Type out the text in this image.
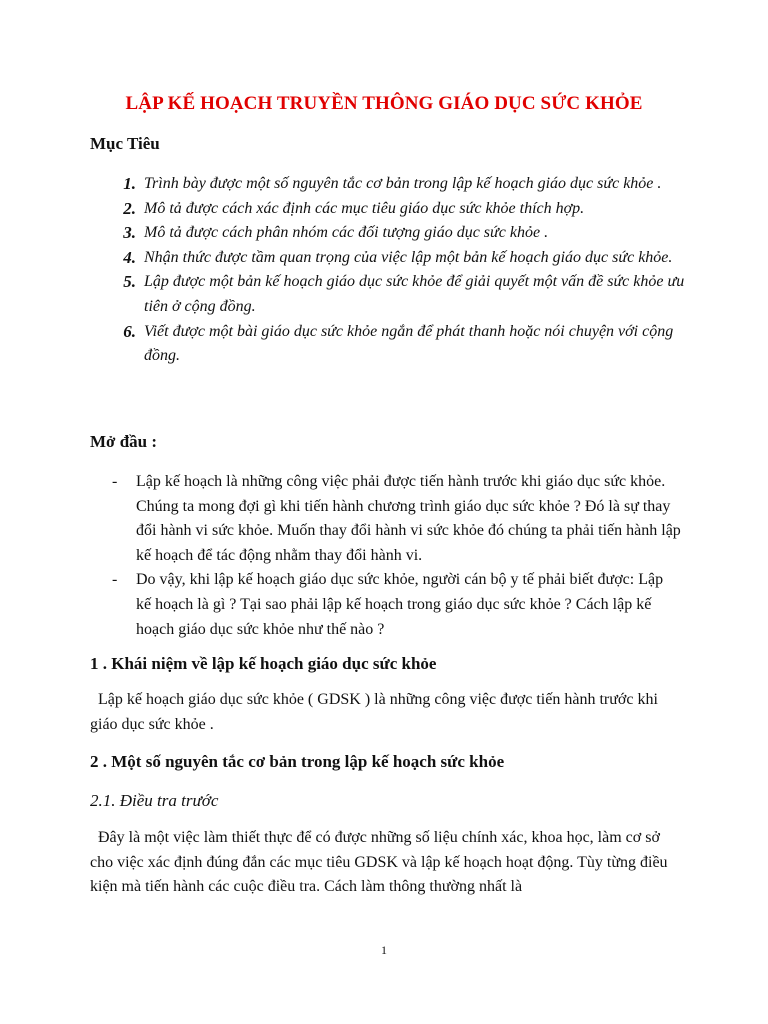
LẬP KẾ HOẠCH TRUYỀN THÔNG GIÁO DỤC SỨC KHỎE
Mục Tiêu
1. Trình bày được một số nguyên tắc cơ bản trong lập kế hoạch giáo dục sức khỏe .
2. Mô tả được cách xác định các mục tiêu giáo dục sức khỏe thích hợp.
3. Mô tả được cách phân nhóm các đối tượng giáo dục sức khỏe .
4. Nhận thức được tầm quan trọng của việc lập một bản kế hoạch giáo dục sức khỏe.
5. Lập được một bản kế hoạch giáo dục sức khỏe để giải quyết một vấn đề sức khỏe ưu tiên ở cộng đồng.
6. Viết được một bài giáo dục sức khỏe ngắn để phát thanh hoặc nói chuyện với cộng đồng.
Mở đầu :
-	Lập kế hoạch là những công việc phải được tiến hành trước khi giáo dục sức khỏe. Chúng ta mong đợi gì khi tiến hành chương trình giáo dục sức khỏe ? Đó là sự thay đổi hành vi sức khỏe. Muốn thay đổi hành vi sức khỏe đó chúng ta phải tiến hành lập kế hoạch để tác động nhằm thay đổi hành vi.
-	Do vậy, khi lập kế hoạch giáo dục sức khỏe, người cán bộ y tế phải biết được: Lập kế hoạch là gì ? Tại sao phải lập kế hoạch trong giáo dục sức khỏe ? Cách lập kế hoạch giáo dục sức khỏe như thế nào ?
1 . Khái niệm về lập kế hoạch giáo dục sức khỏe
Lập kế hoạch giáo dục sức khỏe ( GDSK ) là những công việc được tiến hành trước khi giáo dục sức khỏe .
2 . Một số nguyên tắc cơ bản trong lập kế hoạch sức khỏe
2.1. Điều tra trước
Đây là một việc làm thiết thực để có được những số liệu chính xác, khoa học, làm cơ sở cho việc xác định đúng đắn các mục tiêu GDSK và lập kế hoạch hoạt động. Tùy từng điều kiện mà tiến hành các cuộc điều tra. Cách làm thông thường nhất là
1
